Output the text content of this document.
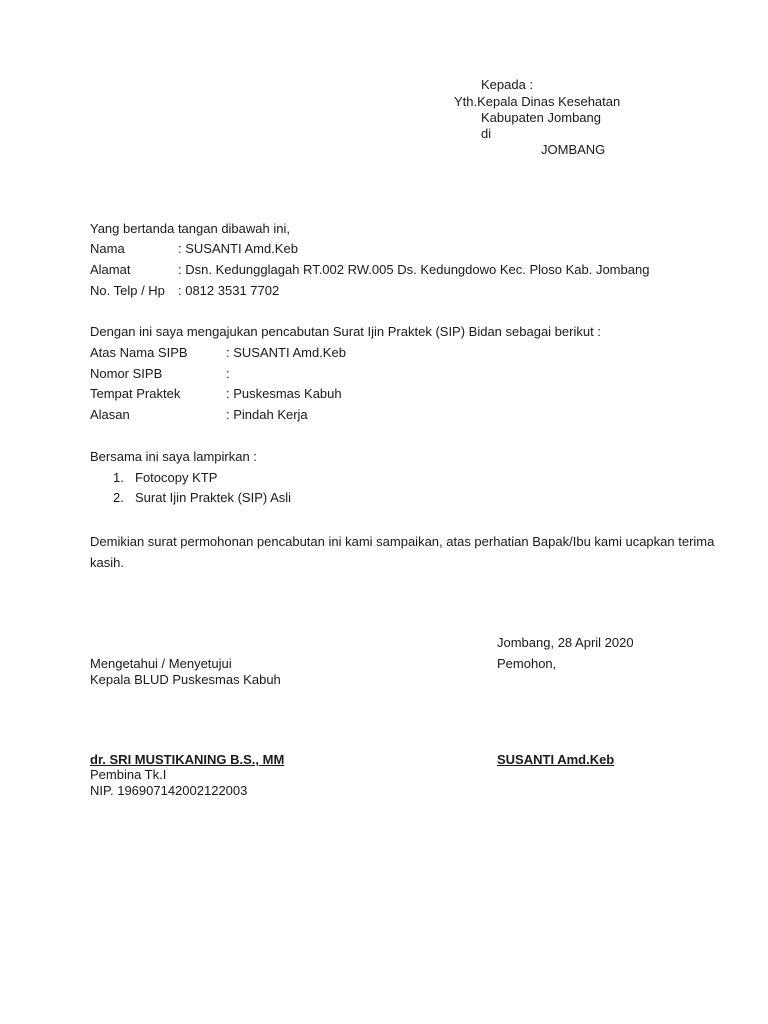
Kepada :
Yth.Kepala Dinas Kesehatan
Kabupaten Jombang
di
JOMBANG
Yang bertanda tangan dibawah ini,
Nama	: SUSANTI Amd.Keb
Alamat	: Dsn. Kedungglagah RT.002 RW.005 Ds. Kedungdowo Kec. Ploso Kab. Jombang
No. Telp / Hp : 0812 3531 7702
Dengan ini saya mengajukan pencabutan Surat Ijin Praktek (SIP) Bidan sebagai berikut :
Atas Nama SIPB	: SUSANTI Amd.Keb
Nomor SIPB	:
Tempat Praktek	: Puskesmas Kabuh
Alasan	: Pindah Kerja
Bersama ini saya lampirkan :
1. Fotocopy KTP
2. Surat Ijin Praktek (SIP) Asli
Demikian surat permohonan pencabutan ini kami sampaikan, atas perhatian Bapak/Ibu kami ucapkan terima kasih.
Jombang, 28 April 2020
Mengetahui / Menyetujui
Kepala BLUD Puskesmas Kabuh
dr. SRI MUSTIKANING B.S., MM
Pembina Tk.I
NIP. 196907142002122003
Pemohon,
SUSANTI Amd.Keb
